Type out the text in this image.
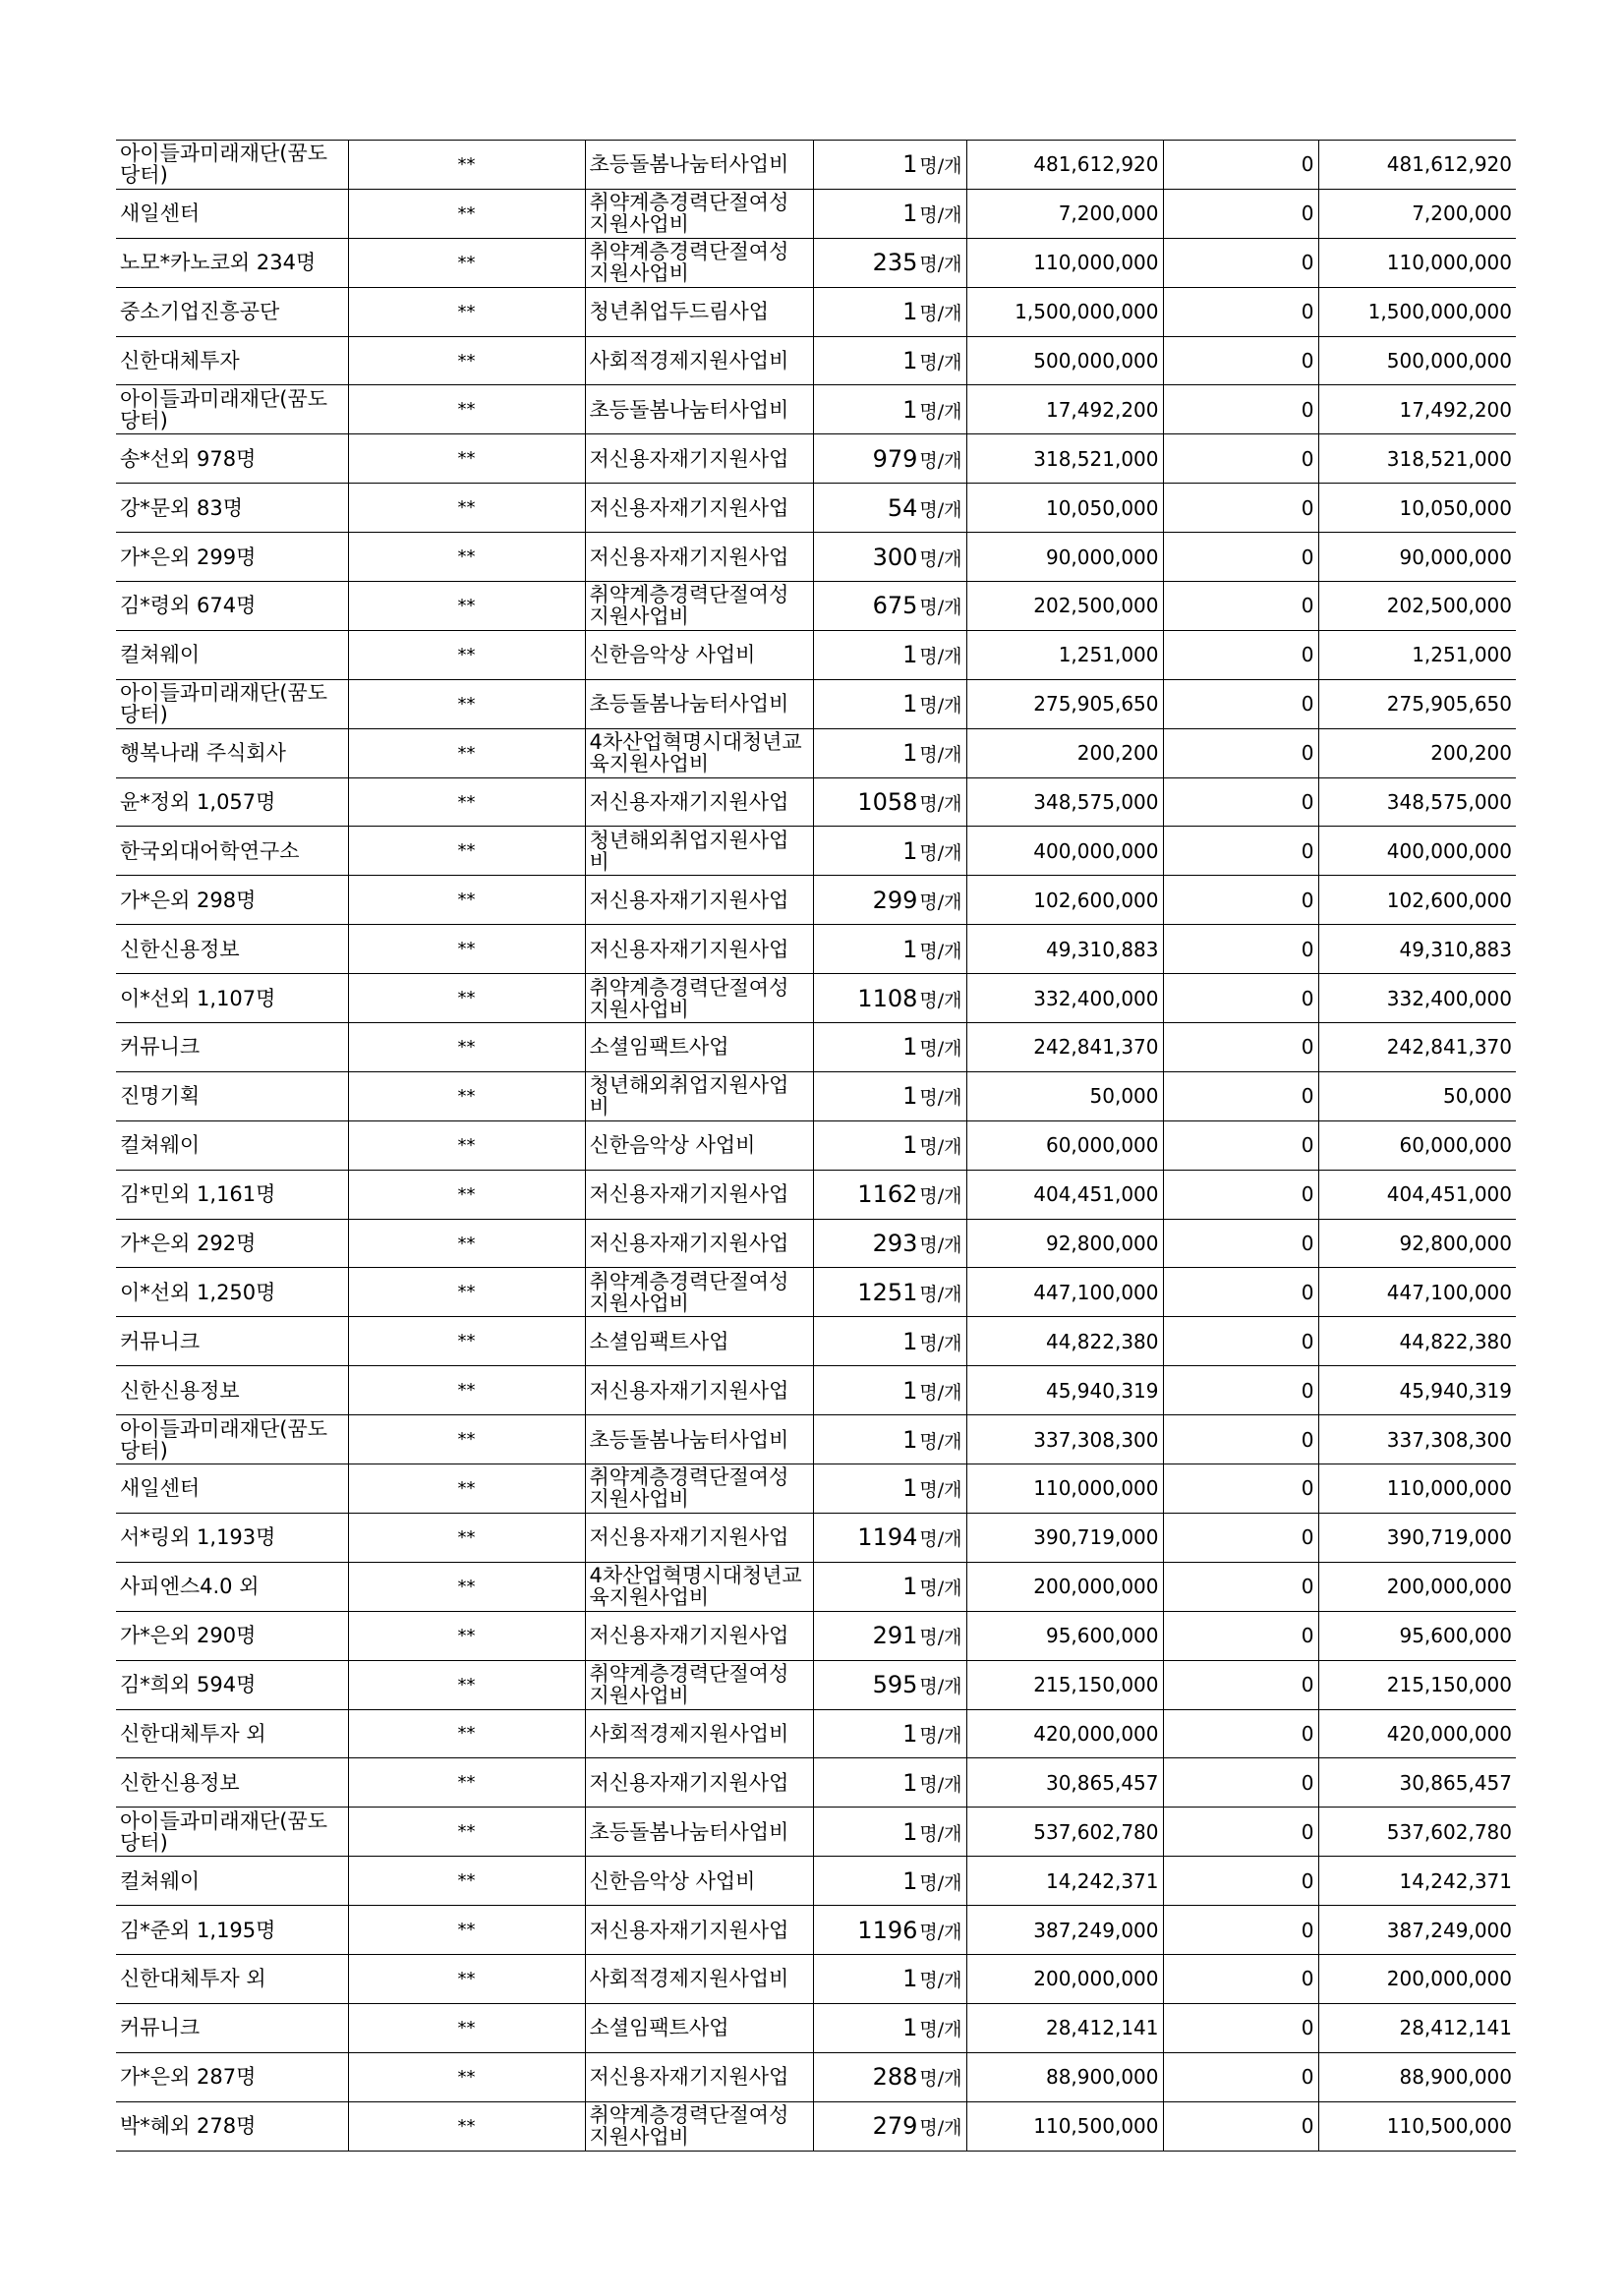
아이들과미래재단(꿈도당터)	**	초등돌봄나눔터사업비	1 명/개	481,612,920	0	481,612,920
새일센터	**	취약계층경력단절여성지원사업비	1 명/개	7,200,000	0	7,200,000
노모*카노코외 234명	**	취약계층경력단절여성지원사업비	235 명/개	110,000,000	0	110,000,000
중소기업진흥공단	**	청년취업두드림사업	1 명/개	1,500,000,000	0	1,500,000,000
신한대체투자	**	사회적경제지원사업비	1 명/개	500,000,000	0	500,000,000
아이들과미래재단(꿈도당터)	**	초등돌봄나눔터사업비	1 명/개	17,492,200	0	17,492,200
송*선외 978명	**	저신용자재기지원사업	979 명/개	318,521,000	0	318,521,000
강*문외 83명	**	저신용자재기지원사업	54 명/개	10,050,000	0	10,050,000
가*은외 299명	**	저신용자재기지원사업	300 명/개	90,000,000	0	90,000,000
김*령외 674명	**	취약계층경력단절여성지원사업비	675 명/개	202,500,000	0	202,500,000
컬쳐웨이	**	신한음악상 사업비	1 명/개	1,251,000	0	1,251,000
아이들과미래재단(꿈도당터)	**	초등돌봄나눔터사업비	1 명/개	275,905,650	0	275,905,650
행복나래 주식회사	**	4차산업혁명시대청년교육지원사업비	1 명/개	200,200	0	200,200
윤*정외 1,057명	**	저신용자재기지원사업	1058 명/개	348,575,000	0	348,575,000
한국외대어학연구소	**	청년해외취업지원사업비	1 명/개	400,000,000	0	400,000,000
가*은외 298명	**	저신용자재기지원사업	299 명/개	102,600,000	0	102,600,000
신한신용정보	**	저신용자재기지원사업	1 명/개	49,310,883	0	49,310,883
이*선외 1,107명	**	취약계층경력단절여성지원사업비	1108 명/개	332,400,000	0	332,400,000
커뮤니크	**	소셜임팩트사업	1 명/개	242,841,370	0	242,841,370
진명기획	**	청년해외취업지원사업비	1 명/개	50,000	0	50,000
컬쳐웨이	**	신한음악상 사업비	1 명/개	60,000,000	0	60,000,000
김*민외 1,161명	**	저신용자재기지원사업	1162 명/개	404,451,000	0	404,451,000
가*은외 292명	**	저신용자재기지원사업	293 명/개	92,800,000	0	92,800,000
이*선외 1,250명	**	취약계층경력단절여성지원사업비	1251 명/개	447,100,000	0	447,100,000
커뮤니크	**	소셜임팩트사업	1 명/개	44,822,380	0	44,822,380
신한신용정보	**	저신용자재기지원사업	1 명/개	45,940,319	0	45,940,319
아이들과미래재단(꿈도당터)	**	초등돌봄나눔터사업비	1 명/개	337,308,300	0	337,308,300
새일센터	**	취약계층경력단절여성지원사업비	1 명/개	110,000,000	0	110,000,000
서*링외 1,193명	**	저신용자재기지원사업	1194 명/개	390,719,000	0	390,719,000
사피엔스4.0 외	**	4차산업혁명시대청년교육지원사업비	1 명/개	200,000,000	0	200,000,000
가*은외 290명	**	저신용자재기지원사업	291 명/개	95,600,000	0	95,600,000
김*희외 594명	**	취약계층경력단절여성지원사업비	595 명/개	215,150,000	0	215,150,000
신한대체투자 외	**	사회적경제지원사업비	1 명/개	420,000,000	0	420,000,000
신한신용정보	**	저신용자재기지원사업	1 명/개	30,865,457	0	30,865,457
아이들과미래재단(꿈도당터)	**	초등돌봄나눔터사업비	1 명/개	537,602,780	0	537,602,780
컬쳐웨이	**	신한음악상 사업비	1 명/개	14,242,371	0	14,242,371
김*준외 1,195명	**	저신용자재기지원사업	1196 명/개	387,249,000	0	387,249,000
신한대체투자 외	**	사회적경제지원사업비	1 명/개	200,000,000	0	200,000,000
커뮤니크	**	소셜임팩트사업	1 명/개	28,412,141	0	28,412,141
가*은외 287명	**	저신용자재기지원사업	288 명/개	88,900,000	0	88,900,000
박*혜외 278명	**	취약계층경력단절여성지원사업비	279 명/개	110,500,000	0	110,500,000
